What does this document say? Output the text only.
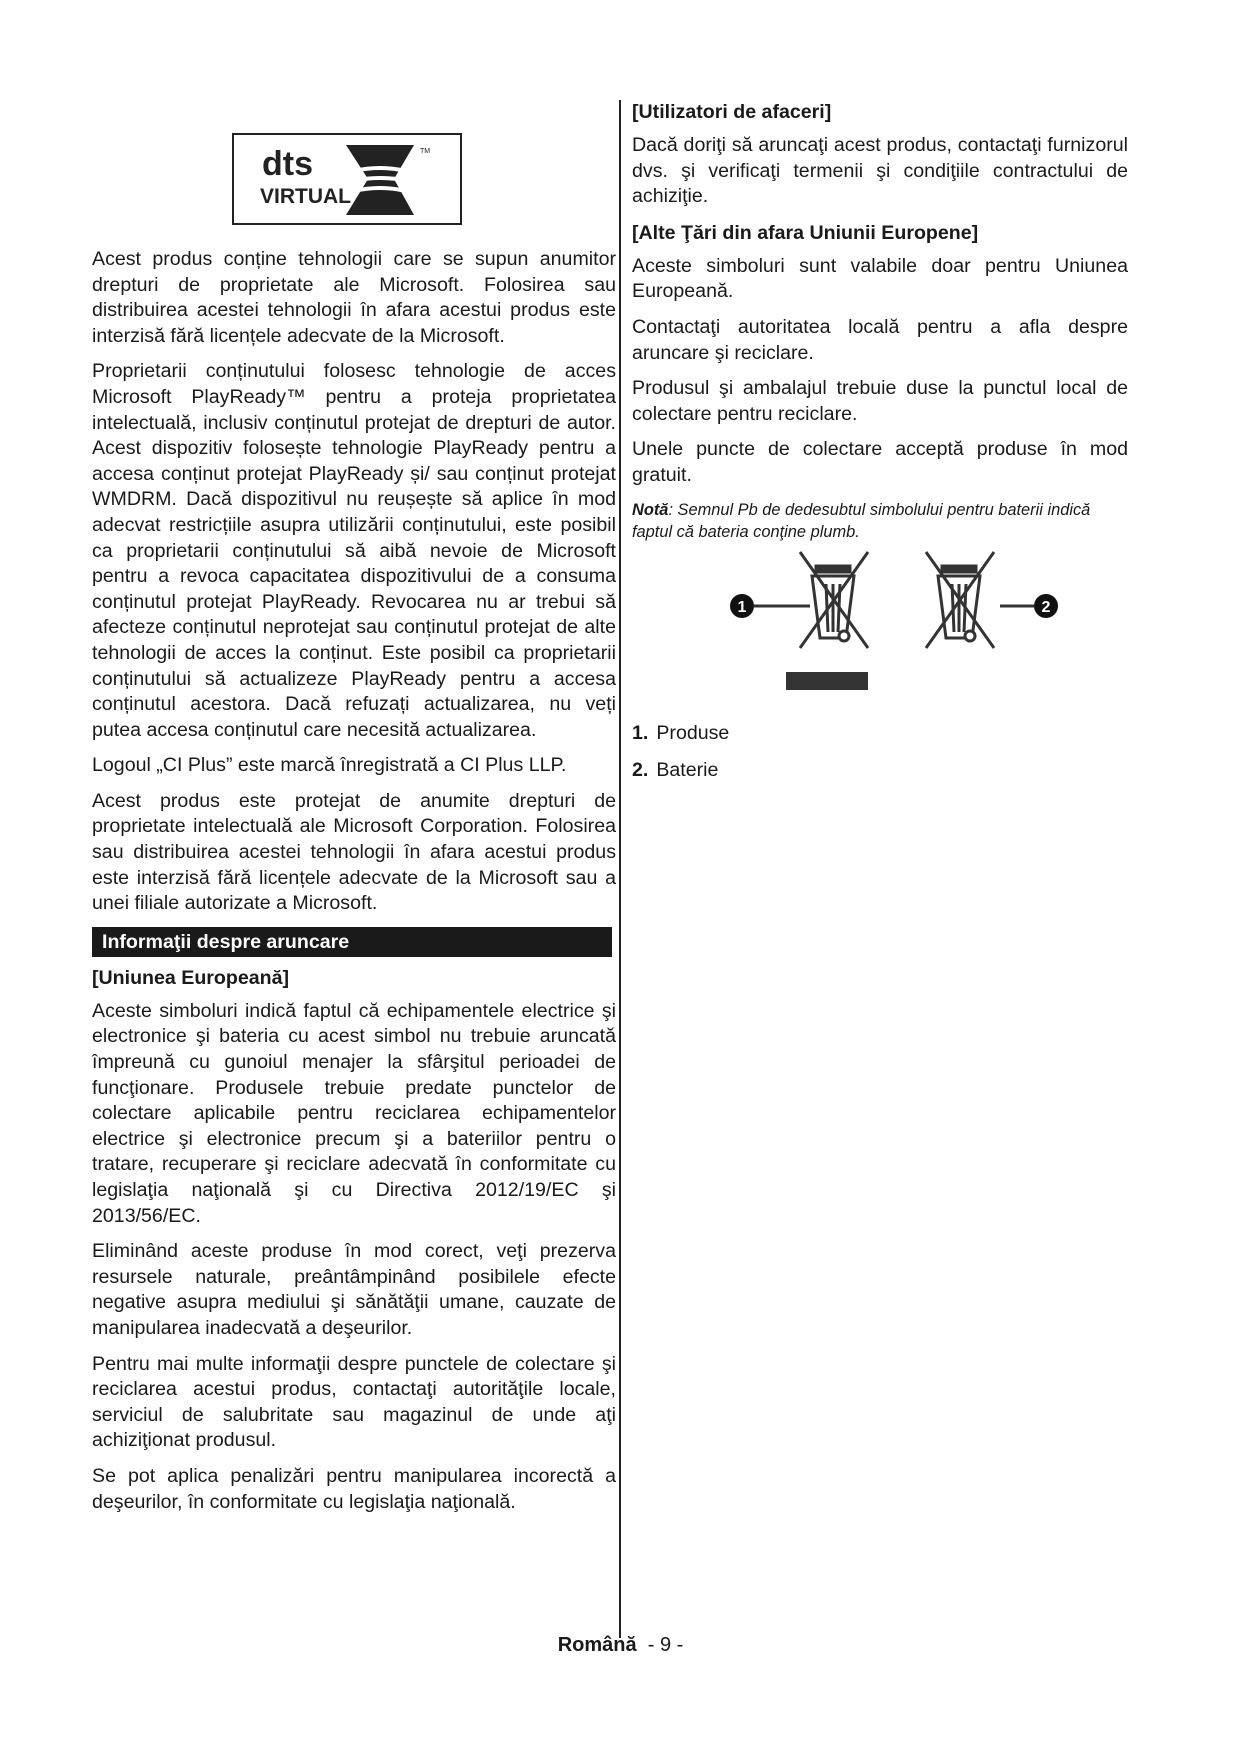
dts
VIRTUAL
TM

Acest produs conține tehnologii care se supun anumitor drepturi de proprietate ale Microsoft. Folosirea sau distribuirea acestei tehnologii în afara acestui produs este interzisă fără licențele adecvate de la Microsoft.

Proprietarii conținutului folosesc tehnologie de acces Microsoft PlayReady™ pentru a proteja proprietatea intelectuală, inclusiv conținutul protejat de drepturi de autor. Acest dispozitiv folosește tehnologie PlayReady pentru a accesa conținut protejat PlayReady și/ sau conținut protejat WMDRM. Dacă dispozitivul nu reușește să aplice în mod adecvat restricțiile asupra utilizării conținutului, este posibil ca proprietarii conținutului să aibă nevoie de Microsoft pentru a revoca capacitatea dispozitivului de a consuma conținutul protejat PlayReady. Revocarea nu ar trebui să afecteze conținutul neprotejat sau conținutul protejat de alte tehnologii de acces la conținut. Este posibil ca proprietarii conținutului să actualizeze PlayReady pentru a accesa conținutul acestora. Dacă refuzați actualizarea, nu veți putea accesa conținutul care necesită actualizarea.

Logoul „CI Plus” este marcă înregistrată a CI Plus LLP.

Acest produs este protejat de anumite drepturi de proprietate intelectuală ale Microsoft Corporation. Folosirea sau distribuirea acestei tehnologii în afara acestui produs este interzisă fără licențele adecvate de la Microsoft sau a unei filiale autorizate a Microsoft.

Informaţii despre aruncare
[Uniunea Europeană]

Aceste simboluri indică faptul că echipamentele electrice şi electronice şi bateria cu acest simbol nu trebuie aruncată împreună cu gunoiul menajer la sfârşitul perioadei de funcţionare. Produsele trebuie predate punctelor de colectare aplicabile pentru reciclarea echipamentelor electrice şi electronice precum şi a bateriilor pentru o tratare, recuperare şi reciclare adecvată în conformitate cu legislaţia naţională şi cu Directiva 2012/19/EC şi 2013/56/EC.

Eliminând aceste produse în mod corect, veţi prezerva resursele naturale, preântâmpinând posibilele efecte negative asupra mediului şi sănătăţii umane, cauzate de manipularea inadecvată a deşeurilor.

Pentru mai multe informaţii despre punctele de colectare şi reciclarea acestui produs, contactaţi autorităţile locale, serviciul de salubritate sau magazinul de unde aţi achiziţionat produsul.

Se pot aplica penalizări pentru manipularea incorectă a deşeurilor, în conformitate cu legislaţia naţională.

[Utilizatori de afaceri]

Dacă doriţi să aruncaţi acest produs, contactaţi furnizorul dvs. şi verificaţi termenii şi condiţiile contractului de achiziţie.

[Alte Ţări din afara Uniunii Europene]

Aceste simboluri sunt valabile doar pentru Uniunea Europeană.

Contactaţi autoritatea locală pentru a afla despre aruncare şi reciclare.

Produsul şi ambalajul trebuie duse la punctul local de colectare pentru reciclare.

Unele puncte de colectare acceptă produse în mod gratuit.

Notă: Semnul Pb de dedesubtul simbolului pentru baterii indică faptul că bateria conţine plumb.
1	2
1. Produse
2. Baterie
Română - 9 -
